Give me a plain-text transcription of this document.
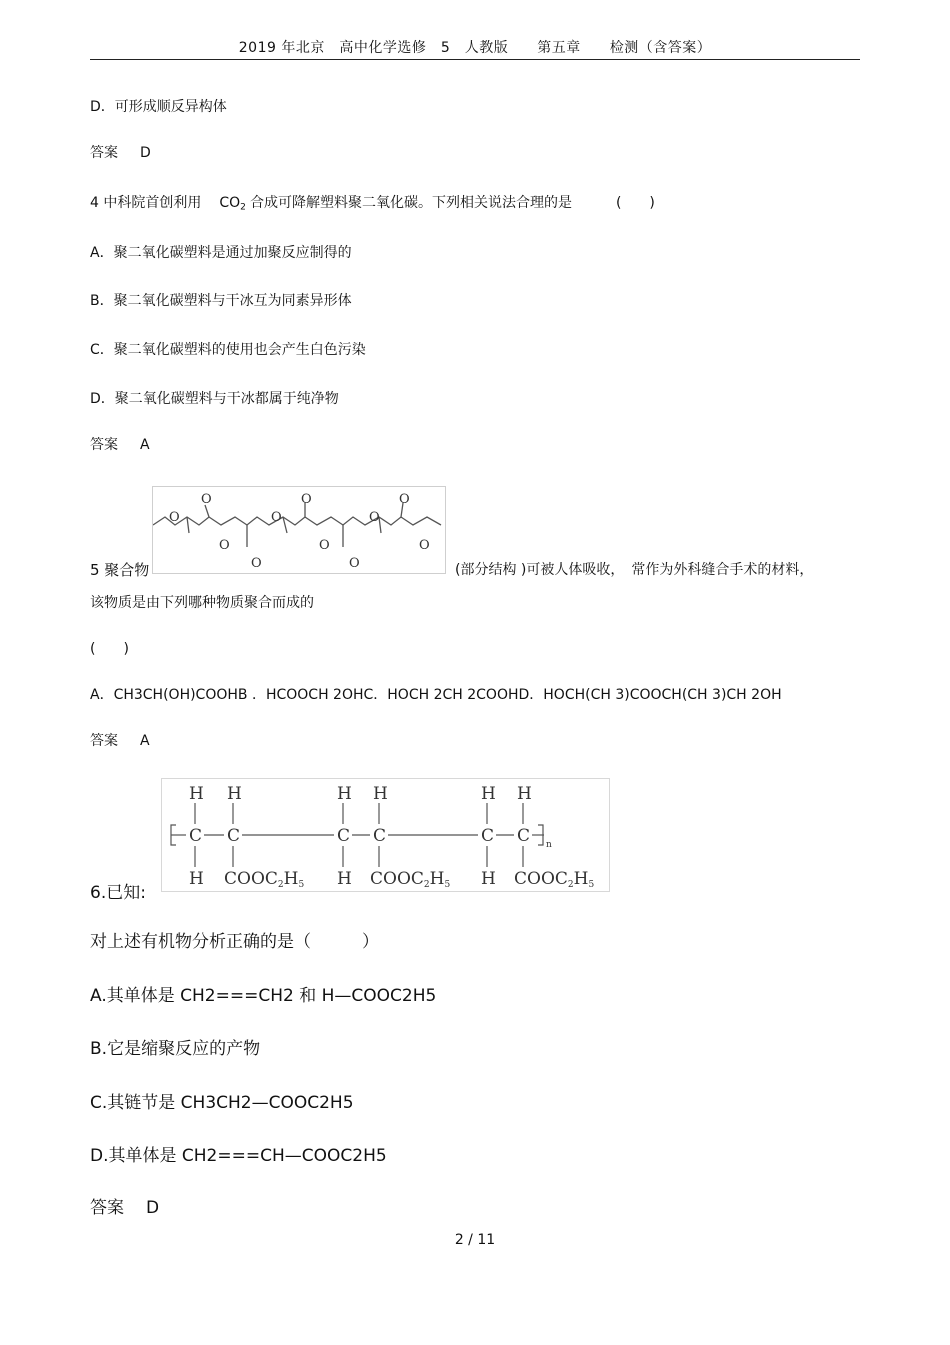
2019 年北京　高中化学选修　5　人教版　　第五章　　检测（含答案）
D．可形成顺反异构体
答案 D
4 中科院首创利用 $CO_2$ 合成可降解塑料聚二氧化碳。下列相关说法合理的是	(　　)
A．聚二氧化碳塑料是通过加聚反应制得的
B．聚二氧化碳塑料与干冰互为同素异形体
C．聚二氧化碳塑料的使用也会产生白色污染
D．聚二氧化碳塑料与干冰都属于纯净物
答案 A
O
O
O
O
O
O
O
O
O
O
O
5 聚合物	(部分结构 )可被人体吸收，　常作为外科缝合手术的材料，
该物质是由下列哪种物质聚合而成的
(　　)
A．CH3CH(OH)COOHB ．HCOOCH 2OHC．HOCH 2CH 2COOHD．HOCH(CH 3)COOCH(CH 3)CH 2OH
答案 A
H H	H H	H H
C C	C C	C C n
H	H	H
COOC2H5	COOC2H5	COOC2H5
6.已知:
对上述有机物分析正确的是（　　　）
A.其单体是 CH2===CH2 和 H—COOC2H5
B.它是缩聚反应的产物
C.其链节是 CH3CH2—COOC2H5
D.其单体是 CH2===CH—COOC2H5
答案 D
2 / 11
